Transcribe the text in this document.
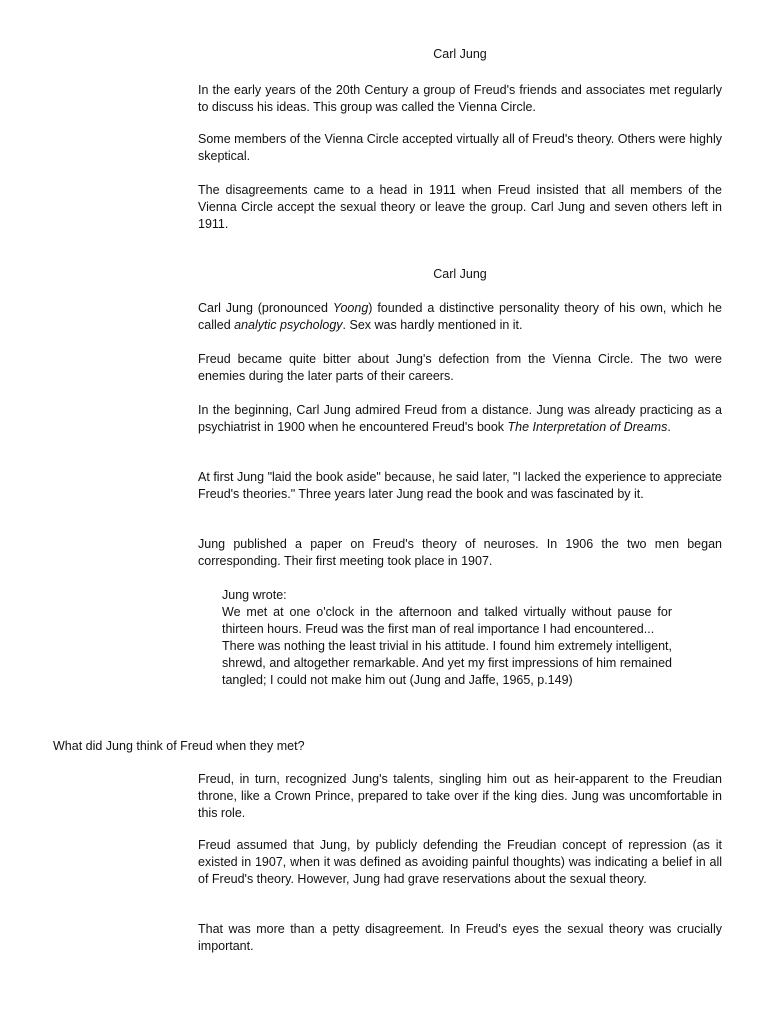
Carl Jung

In the early years of the 20th Century a group of Freud's friends and associates met regularly to discuss his ideas. This group was called the Vienna Circle.

Some members of the Vienna Circle accepted virtually all of Freud's theory. Others were highly skeptical.

The disagreements came to a head in 1911 when Freud insisted that all members of the Vienna Circle accept the sexual theory or leave the group. Carl Jung and seven others left in 1911.

Carl Jung

Carl Jung (pronounced Yoong) founded a distinctive personality theory of his own, which he called analytic psychology. Sex was hardly mentioned in it.

Freud became quite bitter about Jung's defection from the Vienna Circle. The two were enemies during the later parts of their careers.

In the beginning, Carl Jung admired Freud from a distance. Jung was already practicing as a psychiatrist in 1900 when he encountered Freud's book The Interpretation of Dreams.

At first Jung "laid the book aside" because, he said later, "I lacked the experience to appreciate Freud's theories." Three years later Jung read the book and was fascinated by it.

Jung published a paper on Freud's theory of neuroses. In 1906 the two men began corresponding. Their first meeting took place in 1907.

Jung wrote:
We met at one o'clock in the afternoon and talked virtually without pause for thirteen hours. Freud was the first man of real importance I had encountered...
There was nothing the least trivial in his attitude. I found him extremely intelligent, shrewd, and altogether remarkable. And yet my first impressions of him remained tangled; I could not make him out (Jung and Jaffe, 1965, p.149)

What did Jung think of Freud when they met?

Freud, in turn, recognized Jung's talents, singling him out as heir-apparent to the Freudian throne, like a Crown Prince, prepared to take over if the king dies. Jung was uncomfortable in this role.

Freud assumed that Jung, by publicly defending the Freudian concept of repression (as it existed in 1907, when it was defined as avoiding painful thoughts) was indicating a belief in all of Freud's theory. However, Jung had grave reservations about the sexual theory.

That was more than a petty disagreement. In Freud's eyes the sexual theory was crucially important.
